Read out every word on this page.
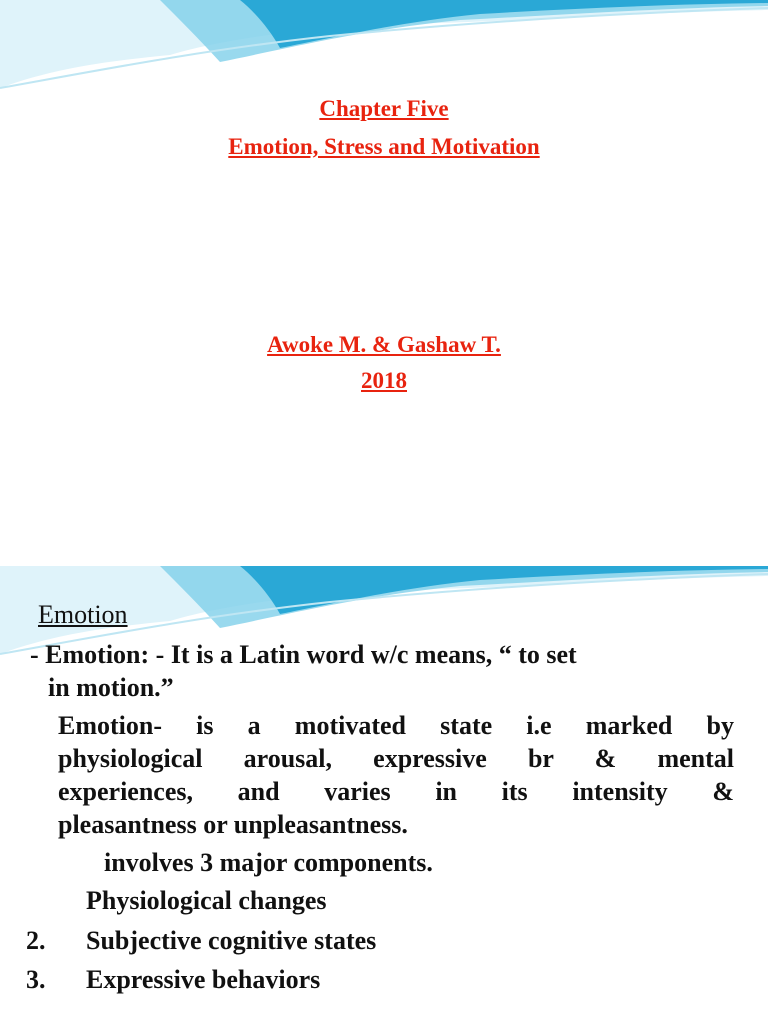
Chapter Five
Emotion, Stress and Motivation
Awoke M. & Gashaw T.
2018
Emotion
- Emotion: - It is a Latin word w/c means, “ to set
in motion.”
Emotion- is a motivated state i.e marked by
physiological arousal, expressive br & mental
experiences, and varies in its intensity &
pleasantness or unpleasantness.
involves 3 major components.
Physiological changes
2. Subjective cognitive states
3. Expressive behaviors
